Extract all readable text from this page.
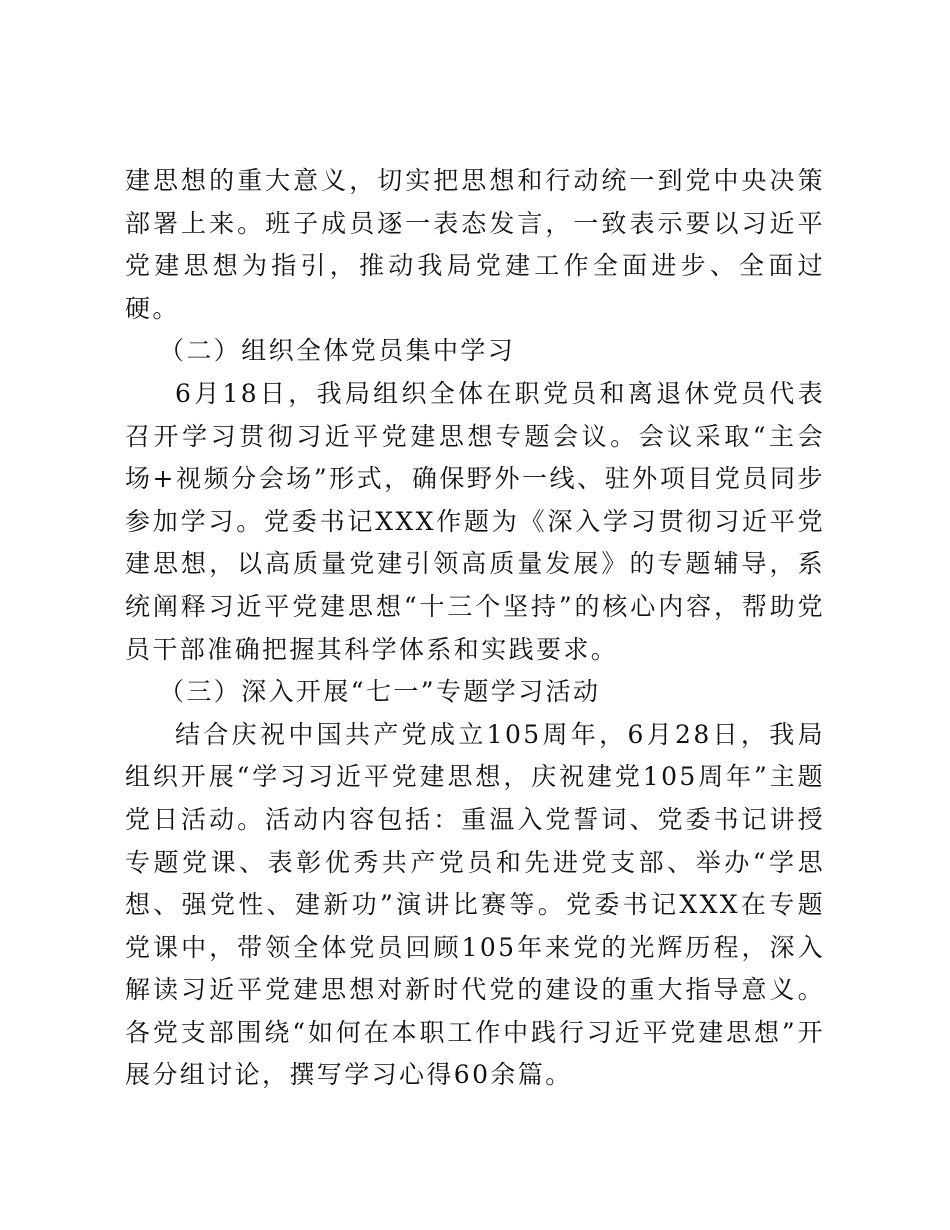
建思想的重大意义，切实把思想和行动统一到党中央决策部署上来。班子成员逐一表态发言，一致表示要以习近平党建思想为指引，推动我局党建工作全面进步、全面过硬。

（二）组织全体党员集中学习

6月18日，我局组织全体在职党员和离退休党员代表召开学习贯彻习近平党建思想专题会议。会议采取“主会场+视频分会场”形式，确保野外一线、驻外项目党员同步参加学习。党委书记XXX作题为《深入学习贯彻习近平党建思想，以高质量党建引领高质量发展》的专题辅导，系统阐释习近平党建思想“十三个坚持”的核心内容，帮助党员干部准确把握其科学体系和实践要求。

（三）深入开展“七一”专题学习活动

结合庆祝中国共产党成立105周年，6月28日，我局组织开展“学习习近平党建思想，庆祝建党105周年”主题党日活动。活动内容包括：重温入党誓词、党委书记讲授专题党课、表彰优秀共产党员和先进党支部、举办“学思想、强党性、建新功”演讲比赛等。党委书记XXX在专题党课中，带领全体党员回顾105年来党的光辉历程，深入解读习近平党建思想对新时代党的建设的重大指导意义。各党支部围绕“如何在本职工作中践行习近平党建思想”开展分组讨论，撰写学习心得60余篇。
